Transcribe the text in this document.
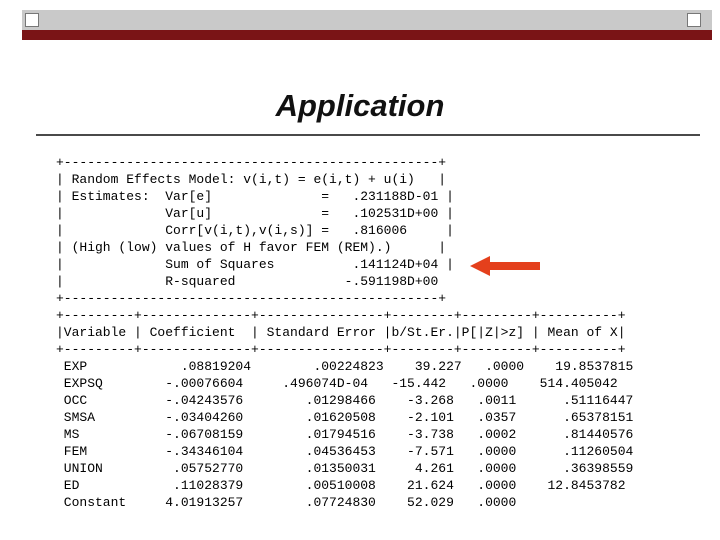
Application
+------------------------------------------------+
| Random Effects Model: v(i,t) = e(i,t) + u(i)   |
| Estimates:  Var[e]              =   .231188D-01 |
|             Var[u]              =   .102531D+00 |
|             Corr[v(i,t),v(i,s)] =   .816006     |
| (High (low) values of H favor FEM (REM).)      |
|             Sum of Squares          .141124D+04 |
|             R-squared              -.591198D+00
+------------------------------------------------+
+---------+--------------+----------------+--------+---------+----------+
|Variable | Coefficient  | Standard Error |b/St.Er.|P[|Z|>z] | Mean of X|
+---------+--------------+----------------+--------+---------+----------+
EXP            .08819204        .00224823    39.227   .0000    19.8537815
EXPSQ        -.00076604     .496074D-04   -15.442   .0000    514.405042
OCC          -.04243576        .01298466    -3.268   .0011      .51116447
SMSA         -.03404260        .01620508    -2.101   .0357      .65378151
MS           -.06708159        .01794516    -3.738   .0002      .81440576
FEM          -.34346104        .04536453    -7.571   .0000      .11260504
UNION         .05752770        .01350031     4.261   .0000      .36398559
ED            .11028379        .00510008    21.624   .0000    12.8453782
Constant     4.01913257        .07724830    52.029   .0000
